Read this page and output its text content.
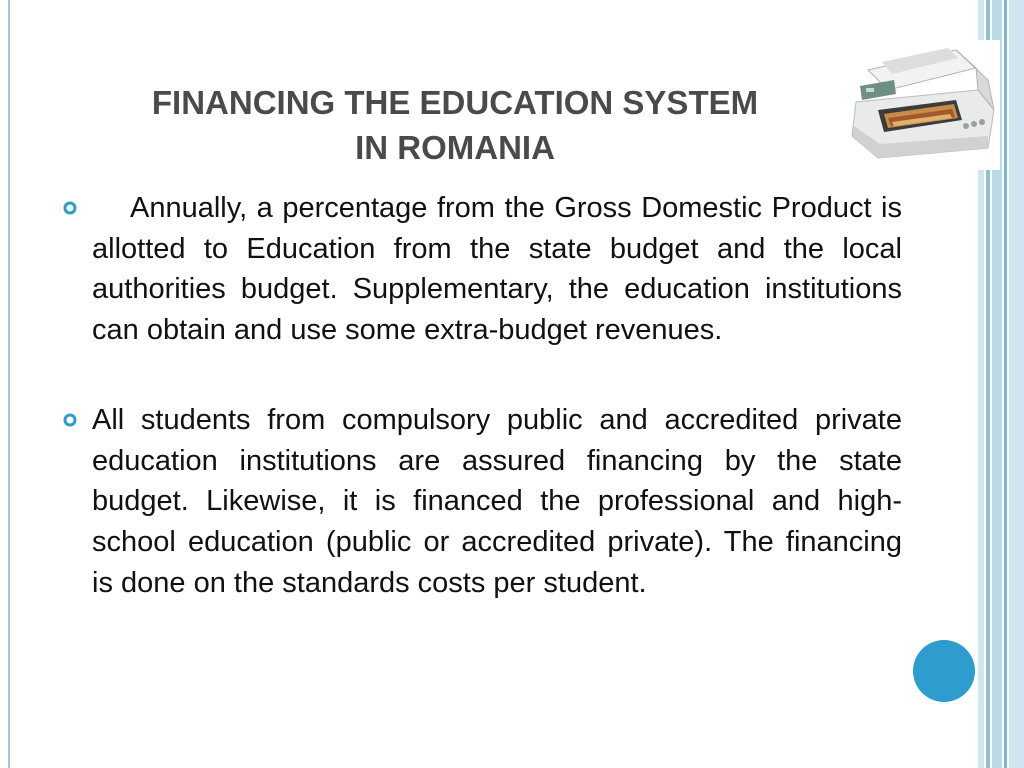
FINANCING THE EDUCATION SYSTEM
IN ROMANIA

Annually, a percentage from the Gross Domestic Product is allotted to Education from the state budget and the local authorities budget. Supplementary, the education institutions can obtain and use some extra-budget revenues.

All students from compulsory public and accredited private education institutions are assured financing by the state budget. Likewise, it is financed the professional and high-school education (public or accredited private). The financing is done on the standards costs per student.
